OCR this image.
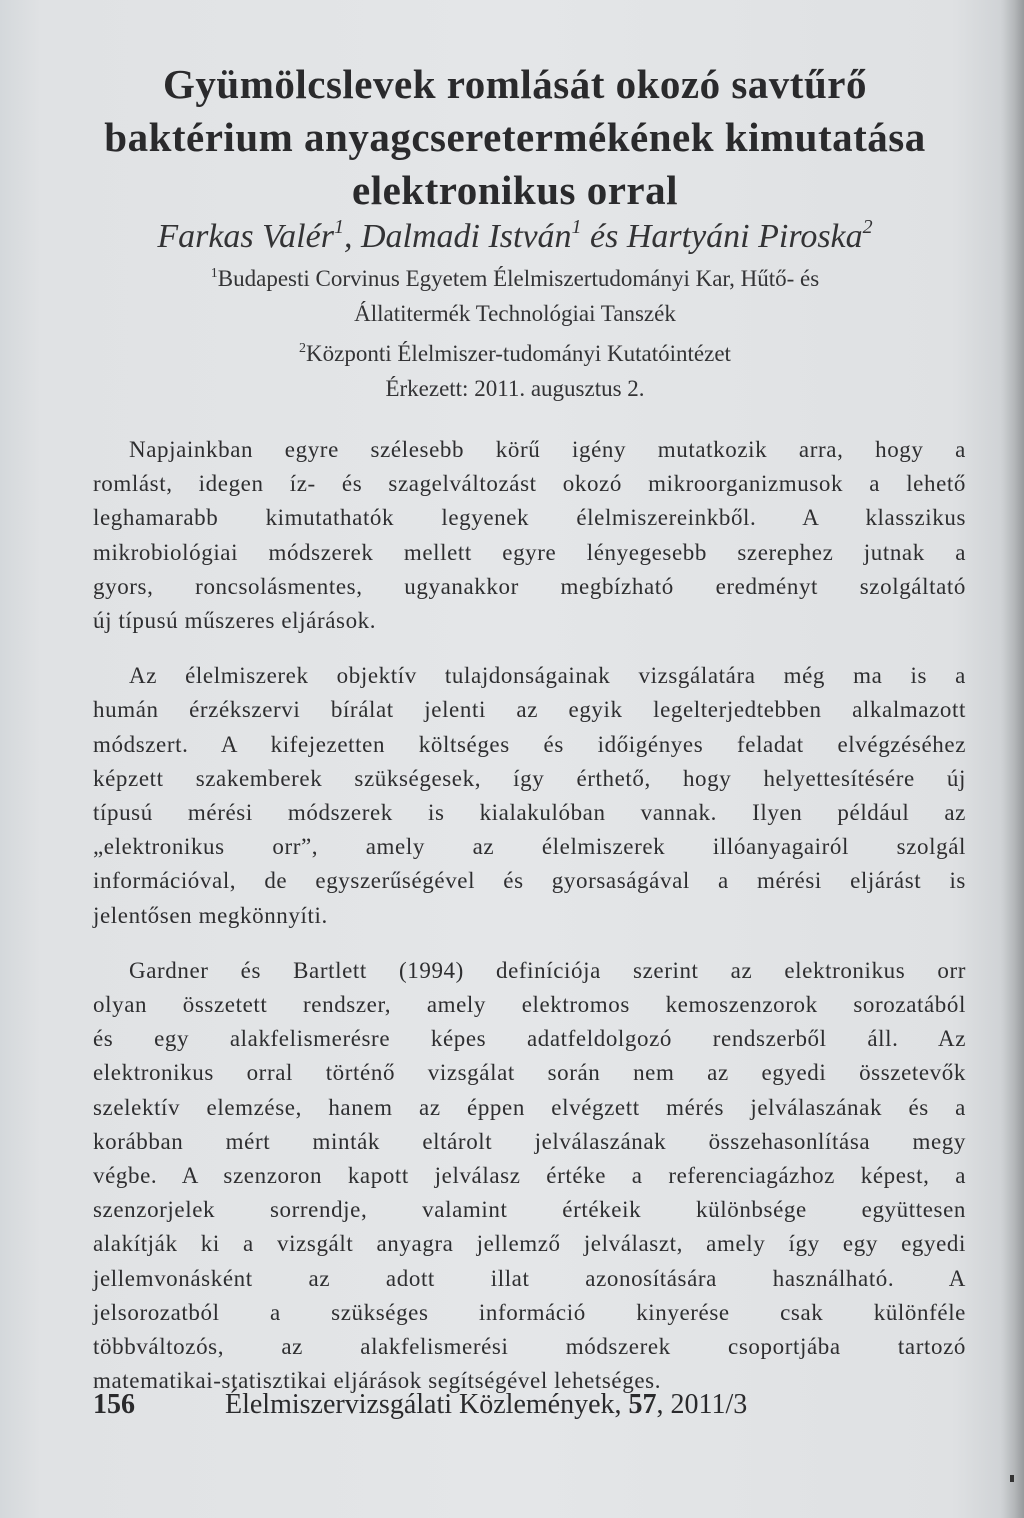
Gyümölcslevek romlását okozó savtűrő
baktérium anyagcseretermékének kimutatása
elektronikus orral
Farkas Valér$^1$, Dalmadi István$^1$ és Hartyáni Piroska$^2$
$^1$Budapesti Corvinus Egyetem Élelmiszertudományi Kar, Hűtő- és
Állatitermék Technológiai Tanszék
$^2$Központi Élelmiszer-tudományi Kutatóintézet
Érkezett: 2011. augusztus 2.

Napjainkban egyre szélesebb körű igény mutatkozik arra, hogy a
romlást, idegen íz- és szagelváltozást okozó mikroorganizmusok a lehető
leghamarabb kimutathatók legyenek élelmiszereinkből. A klasszikus
mikrobiológiai módszerek mellett egyre lényegesebb szerephez jutnak a
gyors, roncsolásmentes, ugyanakkor megbízható eredményt szolgáltató
új típusú műszeres eljárások.

Az élelmiszerek objektív tulajdonságainak vizsgálatára még ma is a
humán érzékszervi bírálat jelenti az egyik legelterjedtebben alkalmazott
módszert. A kifejezetten költséges és időigényes feladat elvégzéséhez
képzett szakemberek szükségesek, így érthető, hogy helyettesítésére új
típusú mérési módszerek is kialakulóban vannak. Ilyen például az
„elektronikus orr”, amely az élelmiszerek illóanyagairól szolgál
információval, de egyszerűségével és gyorsaságával a mérési eljárást is
jelentősen megkönnyíti.

Gardner és Bartlett (1994) definíciója szerint az elektronikus orr
olyan összetett rendszer, amely elektromos kemoszenzorok sorozatából
és egy alakfelismerésre képes adatfeldolgozó rendszerből áll. Az
elektronikus orral történő vizsgálat során nem az egyedi összetevők
szelektív elemzése, hanem az éppen elvégzett mérés jelválaszának és a
korábban mért minták eltárolt jelválaszának összehasonlítása megy
végbe. A szenzoron kapott jelválasz értéke a referenciagázhoz képest, a
szenzorjelek sorrendje, valamint értékeik különbsége együttesen
alakítják ki a vizsgált anyagra jellemző jelválaszt, amely így egy egyedi
jellemvonásként az adott illat azonosítására használható. A
jelsorozatból a szükséges információ kinyerése csak különféle
többváltozós, az alakfelismerési módszerek csoportjába tartozó
matematikai-statisztikai eljárások segítségével lehetséges.

156	Élelmiszervizsgálati Közlemények, 57, 2011/3
